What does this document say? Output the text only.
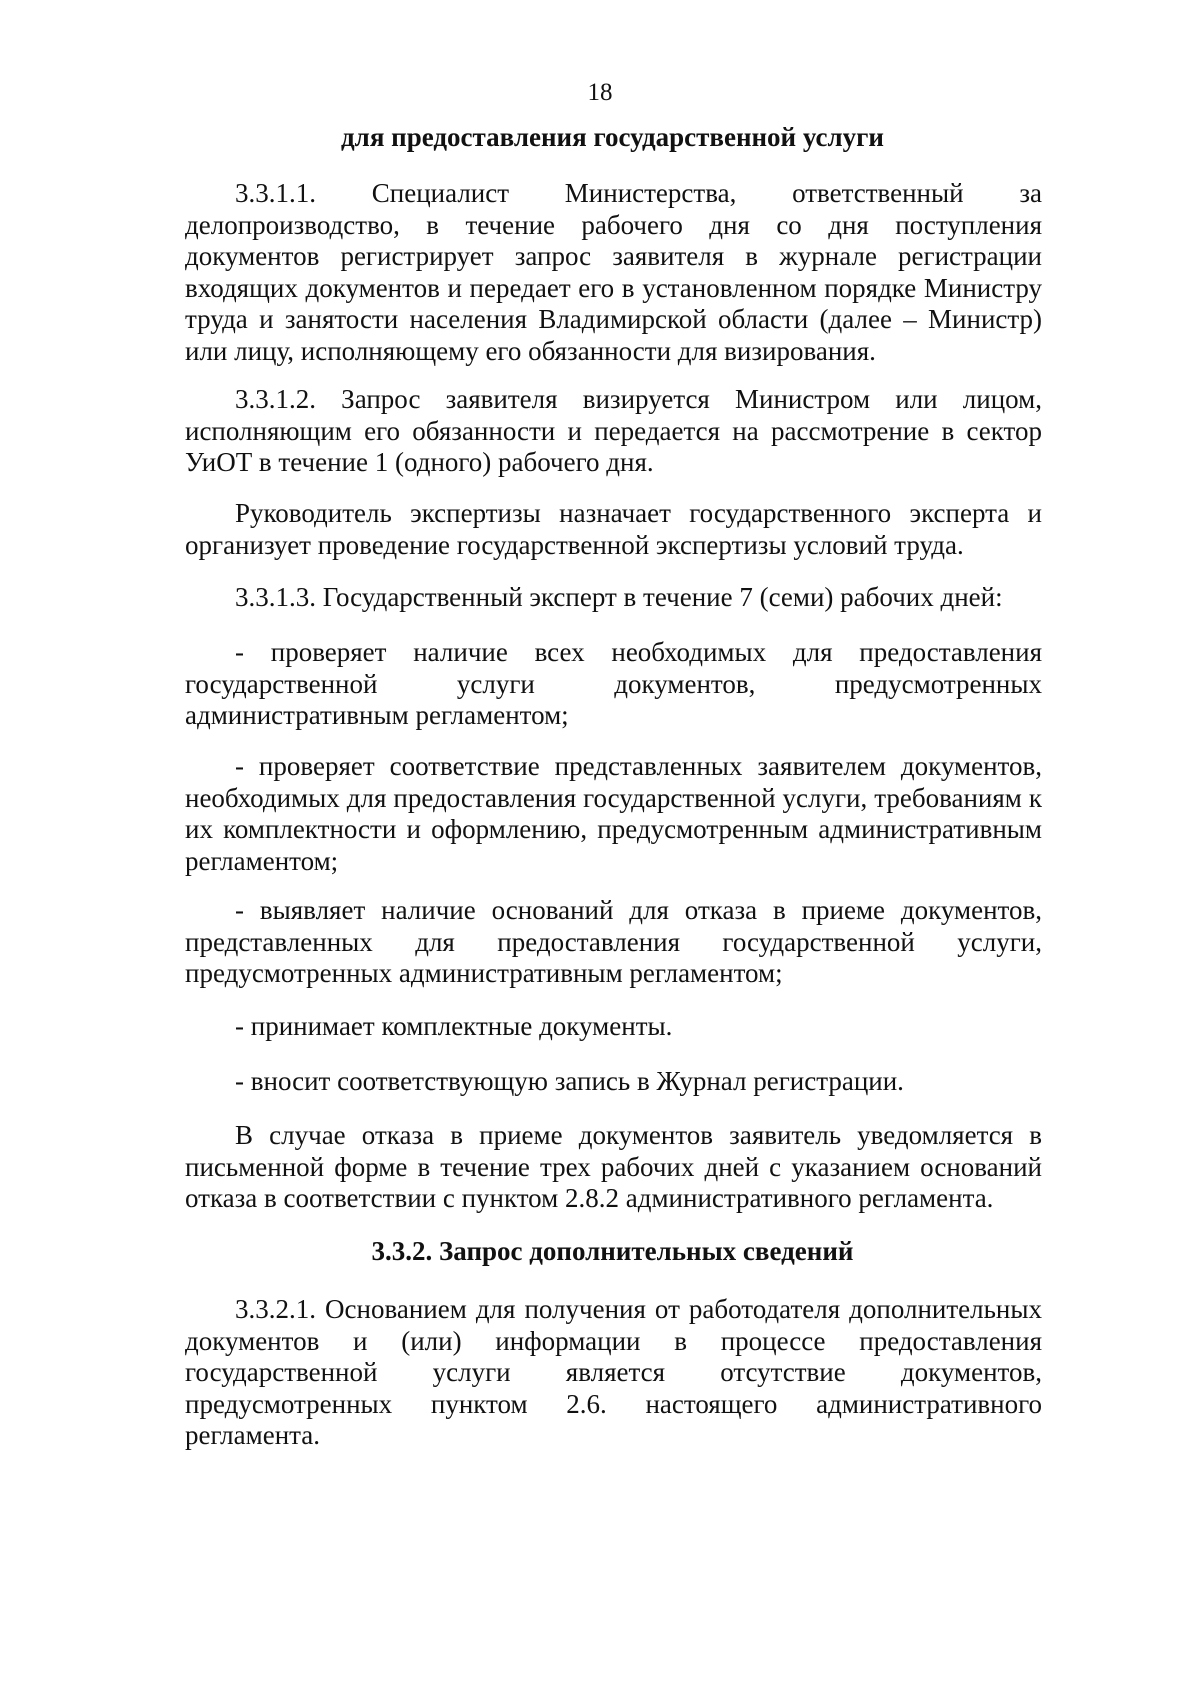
18
для предоставления государственной услуги

3.3.1.1. Специалист Министерства, ответственный за делопроизводство, в течение рабочего дня со дня поступления документов регистрирует запрос заявителя в журнале регистрации входящих документов и передает его в установленном порядке Министру труда и занятости населения Владимирской области (далее – Министр) или лицу, исполняющему его обязанности для визирования.

3.3.1.2. Запрос заявителя визируется Министром или лицом, исполняющим его обязанности и передается на рассмотрение в сектор УиОТ в течение 1 (одного) рабочего дня.

Руководитель экспертизы назначает государственного эксперта и организует проведение государственной экспертизы условий труда.

3.3.1.3. Государственный эксперт в течение 7 (семи) рабочих дней:

- проверяет наличие всех необходимых для предоставления государственной услуги документов, предусмотренных административным регламентом;

- проверяет соответствие представленных заявителем документов, необходимых для предоставления государственной услуги, требованиям к их комплектности и оформлению, предусмотренным административным регламентом;

- выявляет наличие оснований для отказа в приеме документов, представленных для предоставления государственной услуги, предусмотренных административным регламентом;

- принимает комплектные документы.

- вносит соответствующую запись в Журнал регистрации.

В случае отказа в приеме документов заявитель уведомляется в письменной форме в течение трех рабочих дней с указанием оснований отказа в соответствии с пунктом 2.8.2 административного регламента.

3.3.2. Запрос дополнительных сведений

3.3.2.1. Основанием для получения от работодателя дополнительных документов и (или) информации в процессе предоставления государственной услуги является отсутствие документов, предусмотренных пунктом 2.6. настоящего административного регламента.
